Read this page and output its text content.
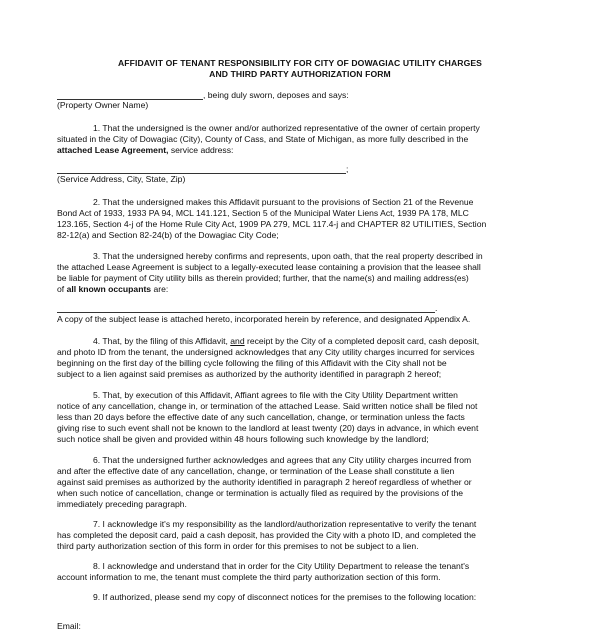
AFFIDAVIT OF TENANT RESPONSIBILITY FOR CITY OF DOWAGIAC UTILITY CHARGES
AND THIRD PARTY AUTHORIZATION FORM
, being duly sworn, deposes and says:
(Property Owner Name)
1. That the undersigned is the owner and/or authorized representative of the owner of certain property
situated in the City of Dowagiac (City), County of Cass, and State of Michigan, as more fully described in the
attached Lease Agreement, service address:
;
(Service Address, City, State, Zip)
2. That the undersigned makes this Affidavit pursuant to the provisions of Section 21 of the Revenue
Bond Act of 1933, 1933 PA 94, MCL 141.121, Section 5 of the Municipal Water Liens Act, 1939 PA 178, MLC
123.165, Section 4-j of the Home Rule City Act, 1909 PA 279, MCL 117.4-j and CHAPTER 82 UTILITIES, Section
82-12(a) and Section 82-24(b) of the Dowagiac City Code;
3. That the undersigned hereby confirms and represents, upon oath, that the real property described in
the attached Lease Agreement is subject to a legally-executed lease containing a provision that the leasee shall
be liable for payment of City utility bills as therein provided; further, that the name(s) and mailing address(es)
of all known occupants are:
.
A copy of the subject lease is attached hereto, incorporated herein by reference, and designated Appendix A.
4. That, by the filing of this Affidavit, and receipt by the City of a completed deposit card, cash deposit,
and photo ID from the tenant, the undersigned acknowledges that any City utility charges incurred for services
beginning on the first day of the billing cycle following the filing of this Affidavit with the City shall not be
subject to a lien against said premises as authorized by the authority identified in paragraph 2 hereof;
5. That, by execution of this Affidavit, Affiant agrees to file with the City Utility Department written
notice of any cancellation, change in, or termination of the attached Lease. Said written notice shall be filed not
less than 20 days before the effective date of any such cancellation, change, or termination unless the facts
giving rise to such event shall not be known to the landlord at least twenty (20) days in advance, in which event
such notice shall be given and provided within 48 hours following such knowledge by the landlord;
6. That the undersigned further acknowledges and agrees that any City utility charges incurred from
and after the effective date of any cancellation, change, or termination of the Lease shall constitute a lien
against said premises as authorized by the authority identified in paragraph 2 hereof regardless of whether or
when such notice of cancellation, change or termination is actually filed as required by the provisions of the
immediately preceding paragraph.
7. I acknowledge it's my responsibility as the landlord/authorization representative to verify the tenant
has completed the deposit card, paid a cash deposit, has provided the City with a photo ID, and completed the
third party authorization section of this form in order for this premises to not be subject to a lien.
8. I acknowledge and understand that in order for the City Utility Department to release the tenant's
account information to me, the tenant must complete the third party authorization section of this form.
9. If authorized, please send my copy of disconnect notices for the premises to the following location:
Email:
